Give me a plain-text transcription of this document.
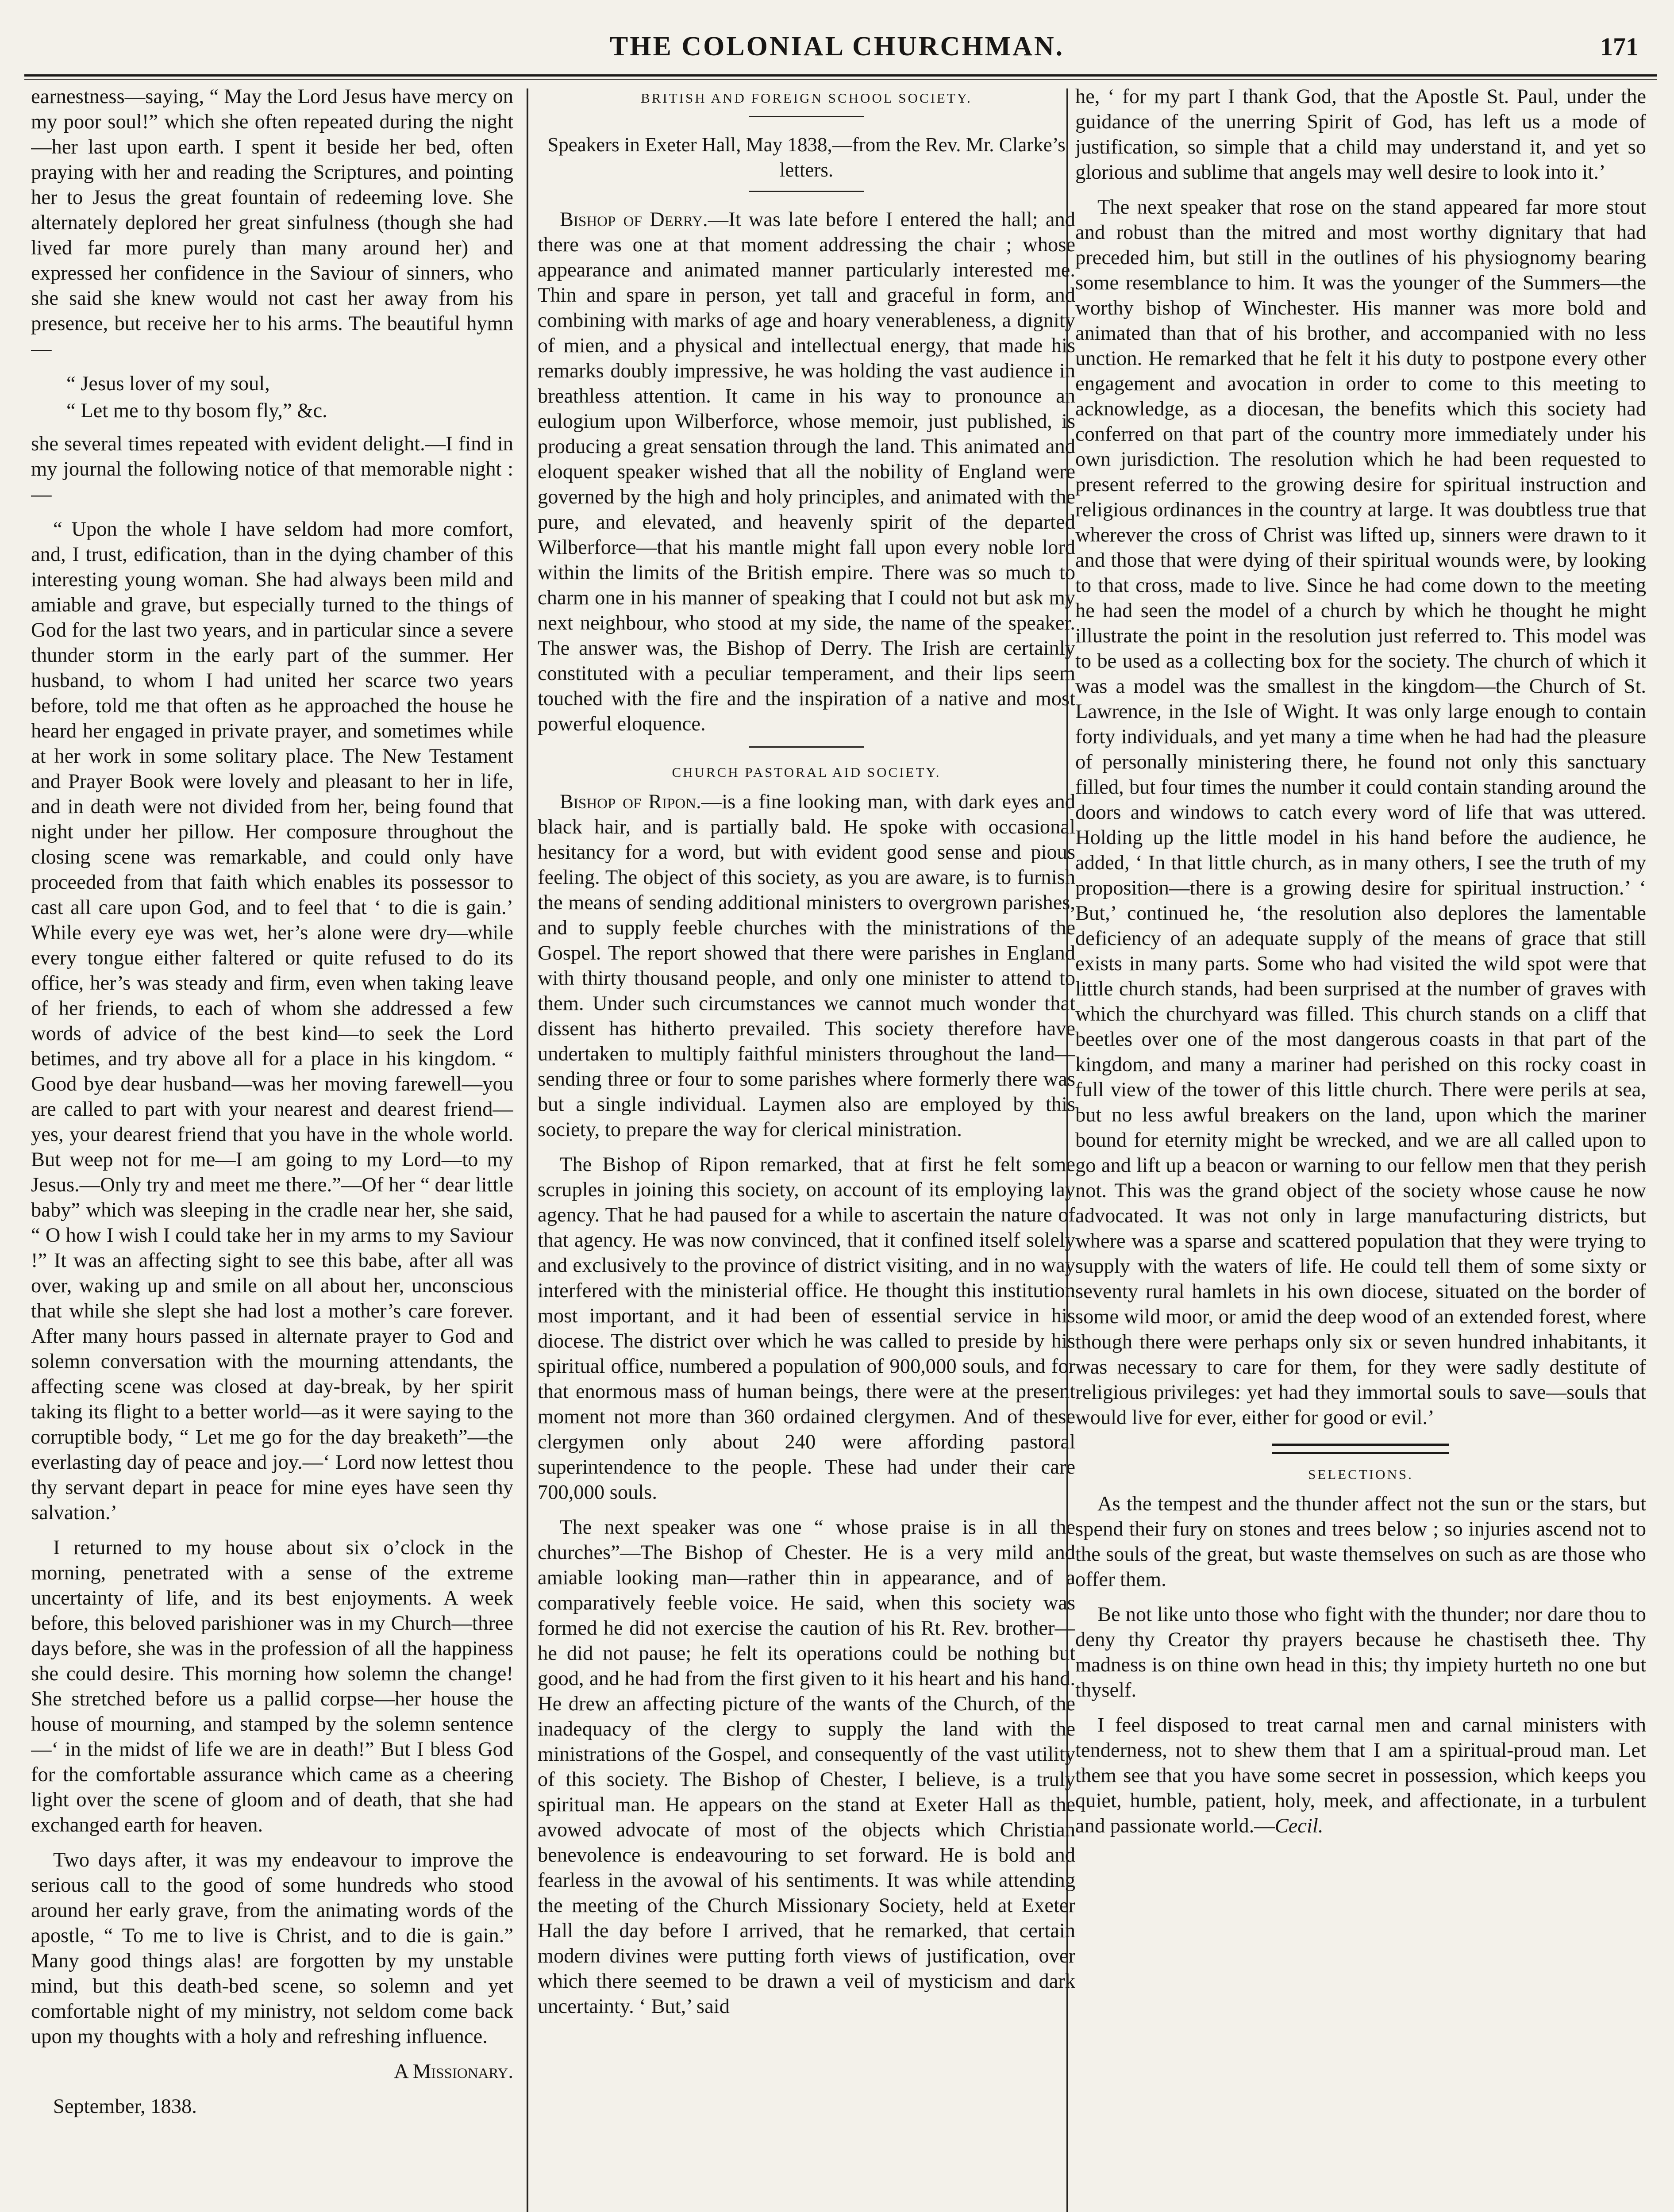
THE COLONIAL CHURCHMAN.	171

earnestness—saying, “ May the Lord Jesus have mercy on my poor soul!” which she often repeated during the night—her last upon earth. I spent it beside her bed, often praying with her and reading the Scriptures, and pointing her to Jesus the great fountain of redeeming love. She alternately deplored her great sinfulness (though she had lived far more purely than many around her) and expressed her confidence in the Saviour of sinners, who she said she knew would not cast her away from his presence, but receive her to his arms. The beautiful hymn—

“ Jesus lover of my soul,
“ Let me to thy bosom fly,” &c.

she several times repeated with evident delight.—I find in my journal the following notice of that memorable night :—

“ Upon the whole I have seldom had more comfort, and, I trust, edification, than in the dying chamber of this interesting young woman. She had always been mild and amiable and grave, but especially turned to the things of God for the last two years, and in particular since a severe thunder storm in the early part of the summer. Her husband, to whom I had united her scarce two years before, told me that often as he approached the house he heard her engaged in private prayer, and sometimes while at her work in some solitary place. The New Testament and Prayer Book were lovely and pleasant to her in life, and in death were not divided from her, being found that night under her pillow. Her composure throughout the closing scene was remarkable, and could only have proceeded from that faith which enables its possessor to cast all care upon God, and to feel that ‘ to die is gain.’ While every eye was wet, her’s alone were dry—while every tongue either faltered or quite refused to do its office, her’s was steady and firm, even when taking leave of her friends, to each of whom she addressed a few words of advice of the best kind—to seek the Lord betimes, and try above all for a place in his kingdom. “ Good bye dear husband—was her moving farewell—you are called to part with your nearest and dearest friend—yes, your dearest friend that you have in the whole world. But weep not for me—I am going to my Lord—to my Jesus.—Only try and meet me there.”—Of her “ dear little baby” which was sleeping in the cradle near her, she said, “ O how I wish I could take her in my arms to my Saviour !” It was an affecting sight to see this babe, after all was over, waking up and smile on all about her, unconscious that while she slept she had lost a mother’s care forever. After many hours passed in alternate prayer to God and solemn conversation with the mourning attendants, the affecting scene was closed at day-break, by her spirit taking its flight to a better world—as it were saying to the corruptible body, “ Let me go for the day breaketh”—the everlasting day of peace and joy.—‘ Lord now lettest thou thy servant depart in peace for mine eyes have seen thy salvation.’

I returned to my house about six o’clock in the morning, penetrated with a sense of the extreme uncertainty of life, and its best enjoyments. A week before, this beloved parishioner was in my Church—three days before, she was in the profession of all the happiness she could desire. This morning how solemn the change! She stretched before us a pallid corpse—her house the house of mourning, and stamped by the solemn sentence—‘ in the midst of life we are in death!” But I bless God for the comfortable assurance which came as a cheering light over the scene of gloom and of death, that she had exchanged earth for heaven.

Two days after, it was my endeavour to improve the serious call to the good of some hundreds who stood around her early grave, from the animating words of the apostle, “ To me to live is Christ, and to die is gain.” Many good things alas! are forgotten by my unstable mind, but this death-bed scene, so solemn and yet comfortable night of my ministry, not seldom come back upon my thoughts with a holy and refreshing influence.

A Missionary.

September, 1838.

BRITISH AND FOREIGN SCHOOL SOCIETY.
Speakers in Exeter Hall, May 1838,—from the Rev. Mr. Clarke’s letters.

Bishop of Derry.—It was late before I entered the hall; and there was one at that moment addressing the chair ; whose appearance and animated manner particularly interested me. Thin and spare in person, yet tall and graceful in form, and combining with marks of age and hoary venerableness, a dignity of mien, and a physical and intellectual energy, that made his remarks doubly impressive, he was holding the vast audience in breathless attention. It came in his way to pronounce an eulogium upon Wilberforce, whose memoir, just published, is producing a great sensation through the land. This animated and eloquent speaker wished that all the nobility of England were governed by the high and holy principles, and animated with the pure, and elevated, and heavenly spirit of the departed Wilberforce—that his mantle might fall upon every noble lord within the limits of the British empire. There was so much to charm one in his manner of speaking that I could not but ask my next neighbour, who stood at my side, the name of the speaker. The answer was, the Bishop of Derry. The Irish are certainly constituted with a peculiar temperament, and their lips seem touched with the fire and the inspiration of a native and most powerful eloquence.

CHURCH PASTORAL AID SOCIETY.

Bishop of Ripon.—is a fine looking man, with dark eyes and black hair, and is partially bald. He spoke with occasional hesitancy for a word, but with evident good sense and pious feeling. The object of this society, as you are aware, is to furnish the means of sending additional ministers to overgrown parishes, and to supply feeble churches with the ministrations of the Gospel. The report showed that there were parishes in England with thirty thousand people, and only one minister to attend to them. Under such circumstances we cannot much wonder that dissent has hitherto prevailed. This society therefore have undertaken to multiply faithful ministers throughout the land—sending three or four to some parishes where formerly there was but a single individual. Laymen also are employed by this society, to prepare the way for clerical ministration.

The Bishop of Ripon remarked, that at first he felt some scruples in joining this society, on account of its employing lay agency. That he had paused for a while to ascertain the nature of that agency. He was now convinced, that it confined itself solely and exclusively to the province of district visiting, and in no way interfered with the ministerial office. He thought this institution most important, and it had been of essential service in his diocese. The district over which he was called to preside by his spiritual office, numbered a population of 900,000 souls, and for that enormous mass of human beings, there were at the present moment not more than 360 ordained clergymen. And of these clergymen only about 240 were affording pastoral superintendence to the people. These had under their care 700,000 souls.

The next speaker was one “ whose praise is in all the churches”—The Bishop of Chester. He is a very mild and amiable looking man—rather thin in appearance, and of a comparatively feeble voice. He said, when this society was formed he did not exercise the caution of his Rt. Rev. brother—he did not pause; he felt its operations could be nothing but good, and he had from the first given to it his heart and his hand. He drew an affecting picture of the wants of the Church, of the inadequacy of the clergy to supply the land with the ministrations of the Gospel, and consequently of the vast utility of this society. The Bishop of Chester, I believe, is a truly spiritual man. He appears on the stand at Exeter Hall as the avowed advocate of most of the objects which Christian benevolence is endeavouring to set forward. He is bold and fearless in the avowal of his sentiments. It was while attending the meeting of the Church Missionary Society, held at Exeter Hall the day before I arrived, that he remarked, that certain modern divines were putting forth views of justification, over which there seemed to be drawn a veil of mysticism and dark uncertainty. ‘ But,’ said

he, ‘ for my part I thank God, that the Apostle St. Paul, under the guidance of the unerring Spirit of God, has left us a mode of justification, so simple that a child may understand it, and yet so glorious and sublime that angels may well desire to look into it.’

The next speaker that rose on the stand appeared far more stout and robust than the mitred and most worthy dignitary that had preceded him, but still in the outlines of his physiognomy bearing some resemblance to him. It was the younger of the Summers—the worthy bishop of Winchester. His manner was more bold and animated than that of his brother, and accompanied with no less unction. He remarked that he felt it his duty to postpone every other engagement and avocation in order to come to this meeting to acknowledge, as a diocesan, the benefits which this society had conferred on that part of the country more immediately under his own jurisdiction. The resolution which he had been requested to present referred to the growing desire for spiritual instruction and religious ordinances in the country at large. It was doubtless true that wherever the cross of Christ was lifted up, sinners were drawn to it and those that were dying of their spiritual wounds were, by looking to that cross, made to live. Since he had come down to the meeting he had seen the model of a church by which he thought he might illustrate the point in the resolution just referred to. This model was to be used as a collecting box for the society. The church of which it was a model was the smallest in the kingdom—the Church of St. Lawrence, in the Isle of Wight. It was only large enough to contain forty individuals, and yet many a time when he had had the pleasure of personally ministering there, he found not only this sanctuary filled, but four times the number it could contain standing around the doors and windows to catch every word of life that was uttered. Holding up the little model in his hand before the audience, he added, ‘ In that little church, as in many others, I see the truth of my proposition—there is a growing desire for spiritual instruction.’ ‘ But,’ continued he, ‘the resolution also deplores the lamentable deficiency of an adequate supply of the means of grace that still exists in many parts. Some who had visited the wild spot were that little church stands, had been surprised at the number of graves with which the churchyard was filled. This church stands on a cliff that beetles over one of the most dangerous coasts in that part of the kingdom, and many a mariner had perished on this rocky coast in full view of the tower of this little church. There were perils at sea, but no less awful breakers on the land, upon which the mariner bound for eternity might be wrecked, and we are all called upon to go and lift up a beacon or warning to our fellow men that they perish not. This was the grand object of the society whose cause he now advocated. It was not only in large manufacturing districts, but where was a sparse and scattered population that they were trying to supply with the waters of life. He could tell them of some sixty or seventy rural hamlets in his own diocese, situated on the border of some wild moor, or amid the deep wood of an extended forest, where though there were perhaps only six or seven hundred inhabitants, it was necessary to care for them, for they were sadly destitute of religious privileges: yet had they immortal souls to save—souls that would live for ever, either for good or evil.’

SELECTIONS.

As the tempest and the thunder affect not the sun or the stars, but spend their fury on stones and trees below ; so injuries ascend not to the souls of the great, but waste themselves on such as are those who offer them.

Be not like unto those who fight with the thunder; nor dare thou to deny thy Creator thy prayers because he chastiseth thee. Thy madness is on thine own head in this; thy impiety hurteth no one but thyself.

I feel disposed to treat carnal men and carnal ministers with tenderness, not to shew them that I am a spiritual-proud man. Let them see that you have some secret in possession, which keeps you quiet, humble, patient, holy, meek, and affectionate, in a turbulent and passionate world.—Cecil.
